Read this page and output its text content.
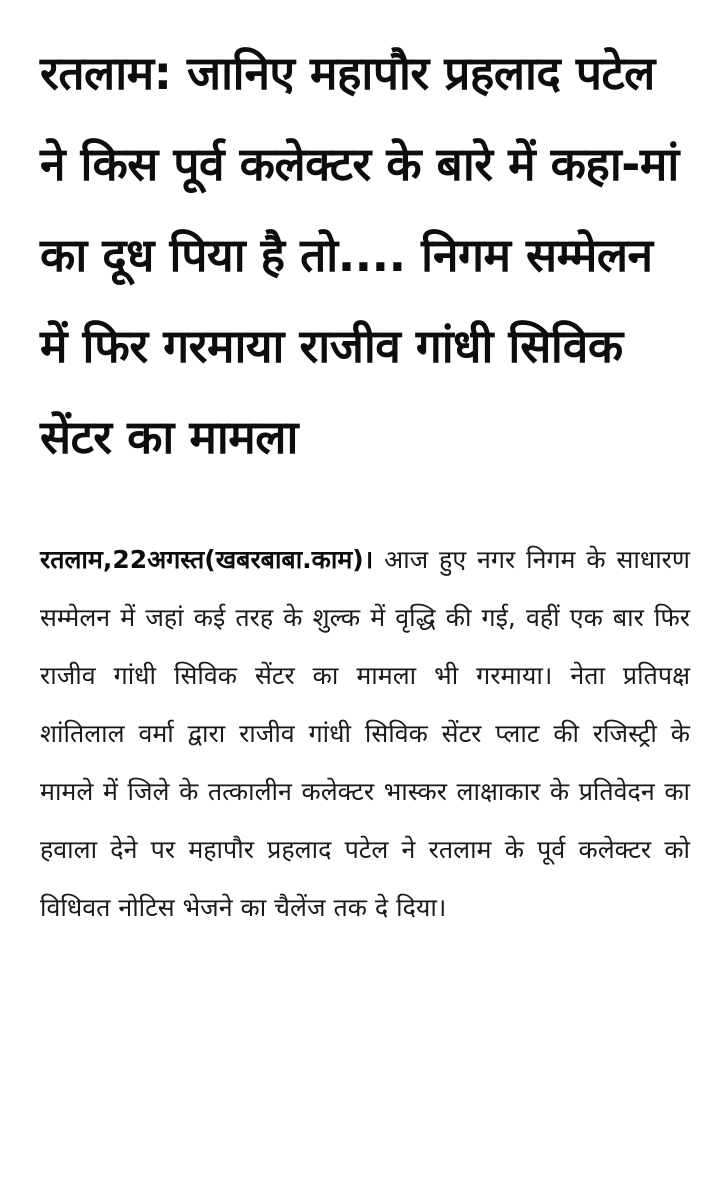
रतलाम: जानिए महापौर प्रहलाद पटेल ने किस पूर्व कलेक्टर के बारे में कहा-मां का दूध पिया है तो.... निगम सम्मेलन में फिर गरमाया राजीव गांधी सिविक सेंटर का मामला

रतलाम,22अगस्त(खबरबाबा.काम)। आज हुए नगर निगम के साधारण सम्मेलन में जहां कई तरह के शुल्क में वृद्धि की गई, वहीं एक बार फिर राजीव गांधी सिविक सेंटर का मामला भी गरमाया। नेता प्रतिपक्ष शांतिलाल वर्मा द्वारा राजीव गांधी सिविक सेंटर प्लाट की रजिस्ट्री के मामले में जिले के तत्कालीन कलेक्टर भास्कर लाक्षाकार के प्रतिवेदन का हवाला देने पर महापौर प्रहलाद पटेल ने रतलाम के पूर्व कलेक्टर को विधिवत नोटिस भेजने का चैलेंज तक दे दिया।
